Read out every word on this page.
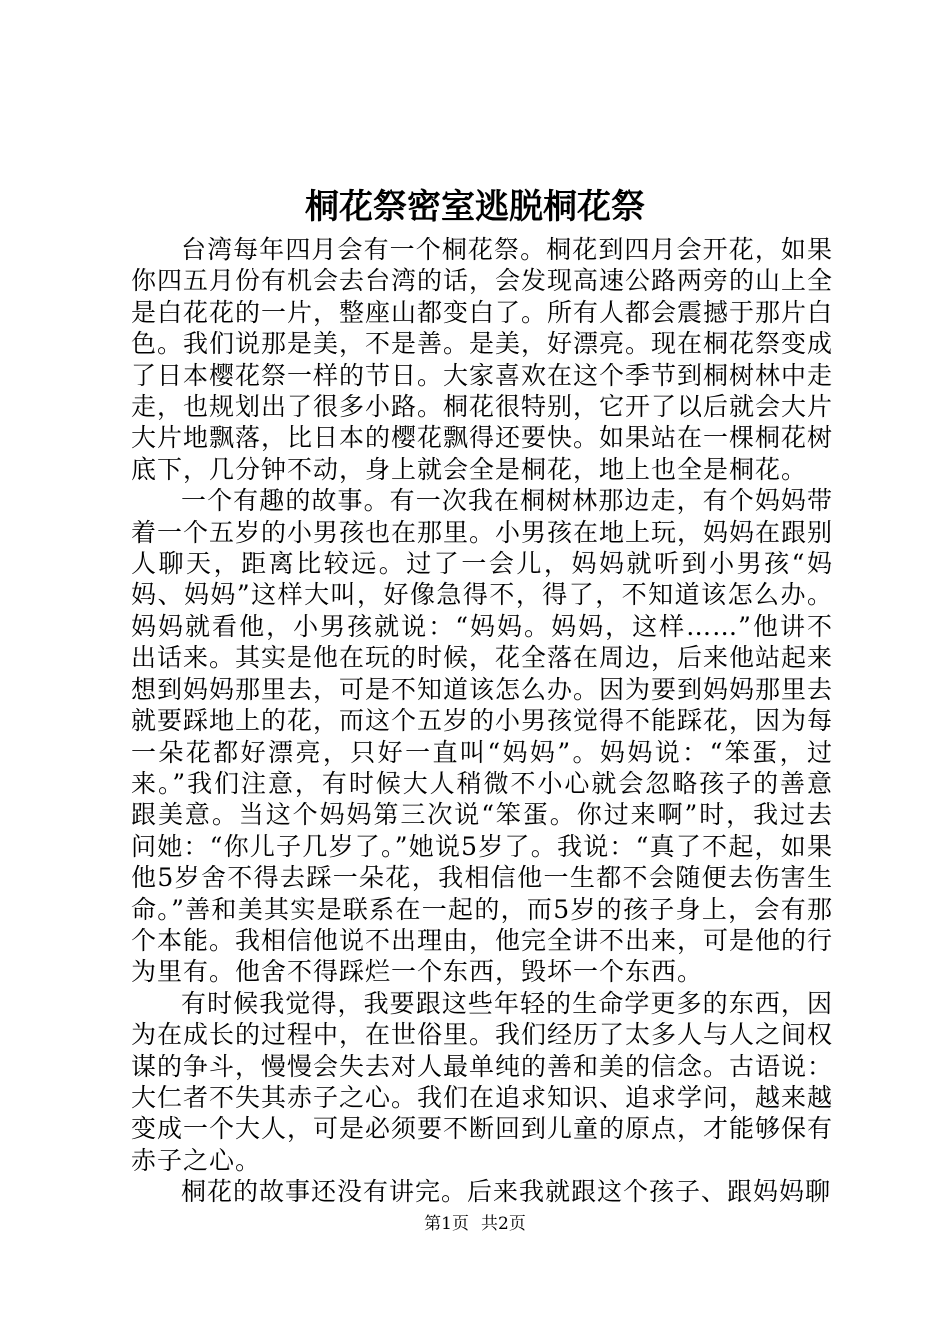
桐花祭密室逃脱桐花祭

台湾每年四月会有一个桐花祭。桐花到四月会开花，如果你四五月份有机会去台湾的话，会发现高速公路两旁的山上全是白花花的一片，整座山都变白了。所有人都会震撼于那片白色。我们说那是美，不是善。是美，好漂亮。现在桐花祭变成了日本樱花祭一样的节日。大家喜欢在这个季节到桐树林中走走，也规划出了很多小路。桐花很特别，它开了以后就会大片大片地飘落，比日本的樱花飘得还要快。如果站在一棵桐花树底下，几分钟不动，身上就会全是桐花，地上也全是桐花。

一个有趣的故事。有一次我在桐树林那边走，有个妈妈带着一个五岁的小男孩也在那里。小男孩在地上玩，妈妈在跟别人聊天，距离比较远。过了一会儿，妈妈就听到小男孩“妈妈、妈妈”这样大叫，好像急得不，得了，不知道该怎么办。妈妈就看他，小男孩就说：“妈妈。妈妈，这样……”他讲不出话来。其实是他在玩的时候，花全落在周边，后来他站起来想到妈妈那里去，可是不知道该怎么办。因为要到妈妈那里去就要踩地上的花，而这个五岁的小男孩觉得不能踩花，因为每一朵花都好漂亮，只好一直叫“妈妈”。妈妈说：“笨蛋，过来。”我们注意，有时候大人稍微不小心就会忽略孩子的善意跟美意。当这个妈妈第三次说“笨蛋。你过来啊”时，我过去问她：“你儿子几岁了。”她说5岁了。我说：“真了不起，如果他5岁舍不得去踩一朵花，我相信他一生都不会随便去伤害生命。”善和美其实是联系在一起的，而5岁的孩子身上，会有那个本能。我相信他说不出理由，他完全讲不出来，可是他的行为里有。他舍不得踩烂一个东西，毁坏一个东西。

有时候我觉得，我要跟这些年轻的生命学更多的东西，因为在成长的过程中，在世俗里。我们经历了太多人与人之间权谋的争斗，慢慢会失去对人最单纯的善和美的信念。古语说：大仁者不失其赤子之心。我们在追求知识、追求学问，越来越变成一个大人，可是必须要不断回到儿童的原点，才能够保有赤子之心。

桐花的故事还没有讲完。后来我就跟这个孩子、跟妈妈聊

第1页 共2页
